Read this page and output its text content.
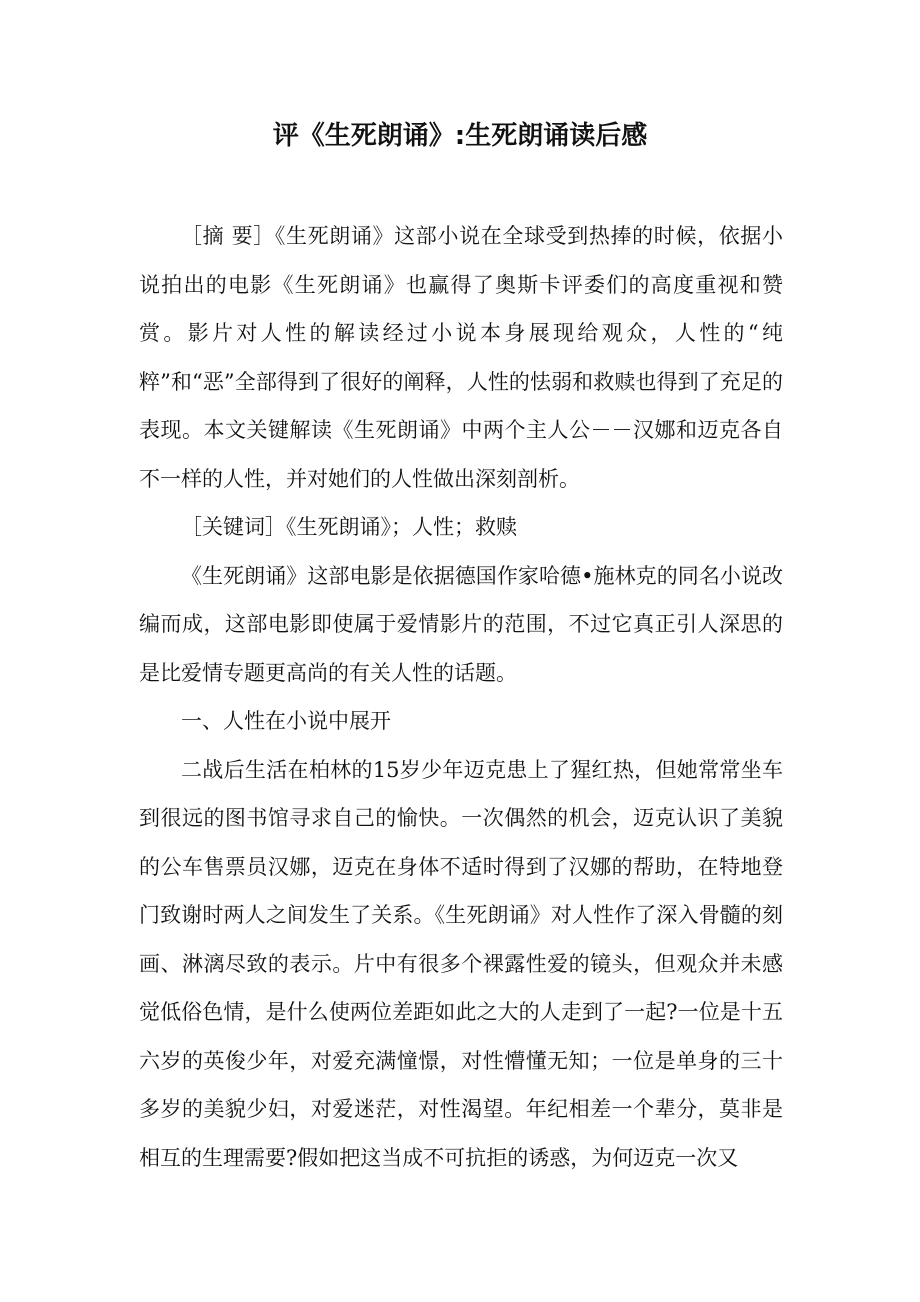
评《生死朗诵》:生死朗诵读后感

［摘 要］《生死朗诵》这部小说在全球受到热捧的时候，依据小说拍出的电影《生死朗诵》也赢得了奥斯卡评委们的高度重视和赞赏。影片对人性的解读经过小说本身展现给观众，人性的“纯粹”和“恶”全部得到了很好的阐释，人性的怯弱和救赎也得到了充足的表现。本文关键解读《生死朗诵》中两个主人公－－汉娜和迈克各自不一样的人性，并对她们的人性做出深刻剖析。

［关键词］《生死朗诵》；人性；救赎

《生死朗诵》这部电影是依据德国作家哈德•施林克的同名小说改编而成，这部电影即使属于爱情影片的范围，不过它真正引人深思的是比爱情专题更高尚的有关人性的话题。

一、人性在小说中展开

二战后生活在柏林的15岁少年迈克患上了猩红热，但她常常坐车到很远的图书馆寻求自己的愉快。一次偶然的机会，迈克认识了美貌的公车售票员汉娜，迈克在身体不适时得到了汉娜的帮助，在特地登门致谢时两人之间发生了关系。《生死朗诵》对人性作了深入骨髓的刻画、淋漓尽致的表示。片中有很多个裸露性爱的镜头，但观众并未感觉低俗色情，是什么使两位差距如此之大的人走到了一起?一位是十五六岁的英俊少年，对爱充满憧憬，对性懵懂无知；一位是单身的三十多岁的美貌少妇，对爱迷茫，对性渴望。年纪相差一个辈分，莫非是相互的生理需要?假如把这当成不可抗拒的诱惑，为何迈克一次又
